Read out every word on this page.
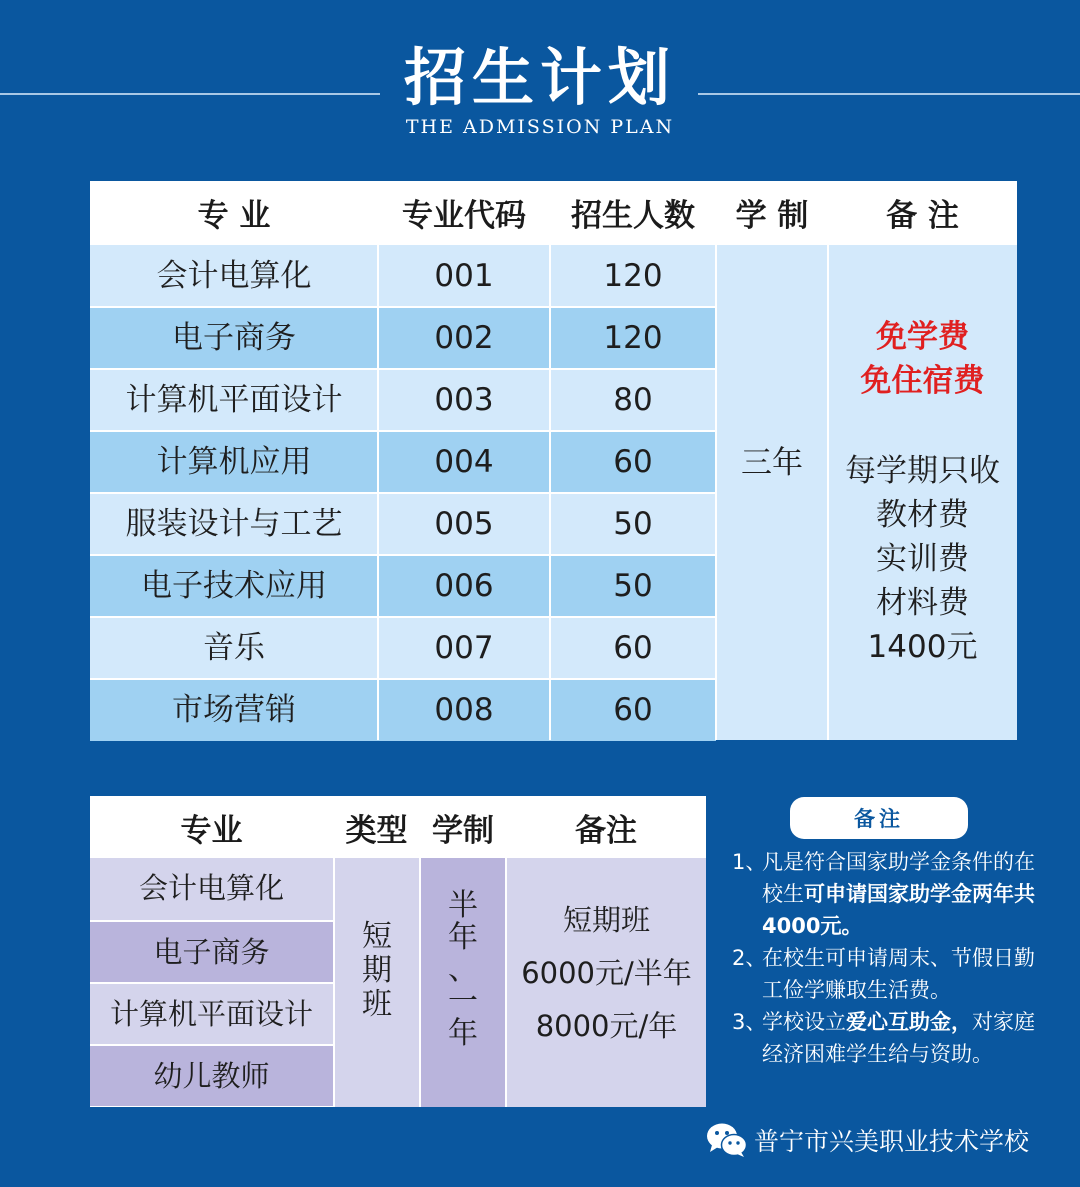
招生计划
THE ADMISSION PLAN
专 业	专业代码	招生人数	学 制	备 注
会计电算化	001	120
电子商务	002	120
计算机平面设计	003	80
计算机应用	004	60
服装设计与工艺	005	50
电子技术应用	006	50
音乐	007	60
市场营销	008	60
三年
免学费
免住宿费
每学期只收
教材费
实训费
材料费
1400元
专业	类型 学制	备注
会计电算化
电子商务
计算机平面设计
幼儿教师
短
期
班
半
年
、
一
年
短期班
6000元/半年
8000元/年
备注
1、
凡是符合国家助学金条件的在校生可申请国家助学金两年共4000元。
2、
在校生可申请周末、节假日勤工俭学赚取生活费。
3、
学校设立爱心互助金，对家庭经济困难学生给与资助。
普宁市兴美职业技术学校
